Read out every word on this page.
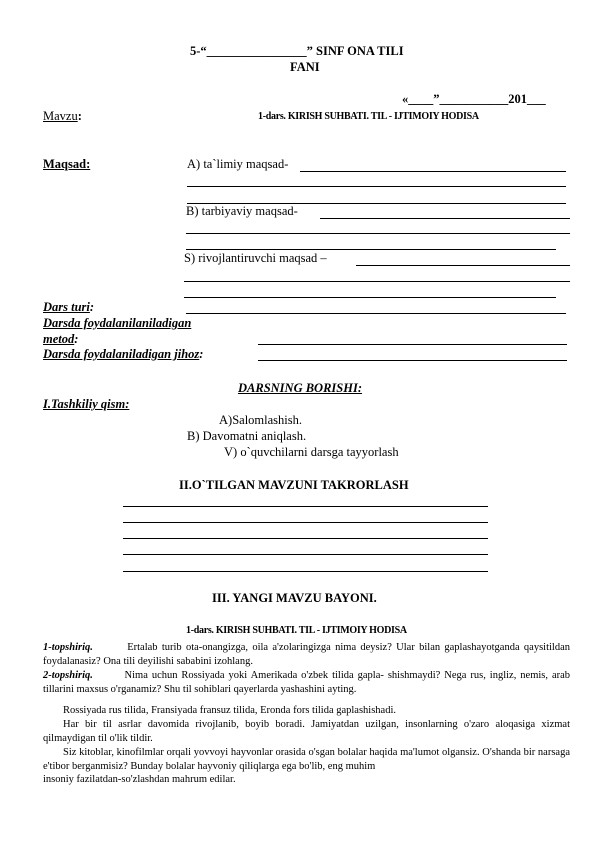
5-“________________” SINF ONA TILI
FANI
«____”___________201___
Mavzu:	1-dars. KIRISH SUHBATI. TIL - IJTIMOIY HODISA
Maqsad:	A) ta`limiy maqsad-
B) tarbiyaviy maqsad-
S) rivojlantiruvchi maqsad –
Dars turi:
Darsda foydalanilaniladigan
metod:
Darsda foydalaniladigan jihoz:
DARSNING BORISHI:
I.Tashkiliy qism:
A)Salomlashish.
B) Davomatni aniqlash.
V) o`quvchilarni darsga tayyorlash
II.O`TILGAN MAVZUNI TAKRORLASH
III. YANGI MAVZU BAYONI.
1-dars. KIRISH SUHBATI. TIL - IJTIMOIY HODISA
1-topshiriq.	Ertalab turib ota-onangizga, oila a'zolaringizga nima deysiz? Ular bilan gaplashayotganda qaysitildan foydalanasiz? Ona tili deyilishi sababini izohlang.
2-topshiriq.	Nima uchun Rossiyada yoki Amerikada o'zbek tilida gapla- shishmaydi? Nega rus, ingliz, nemis, arab tillarini maxsus o'rganamiz? Shu til sohiblari qayerlarda yashashini ayting.
Rossiyada rus tilida, Fransiyada fransuz tilida, Eronda fors tilida gaplashishadi.
Har bir til asrlar davomida rivojlanib, boyib boradi. Jamiyatdan uzilgan, insonlarning o'zaro aloqasiga xizmat qilmaydigan til o'lik tildir.
Siz kitoblar, kinofilmlar orqali yovvoyi hayvonlar orasida o'sgan bolalar haqida ma'lumot olgansiz. O'shanda bir narsaga e'tibor berganmisiz? Bunday bolalar hayvoniy qiliqlarga ega bo'lib, eng muhim
insoniy fazilatdan-so'zlashdan mahrum edilar.
